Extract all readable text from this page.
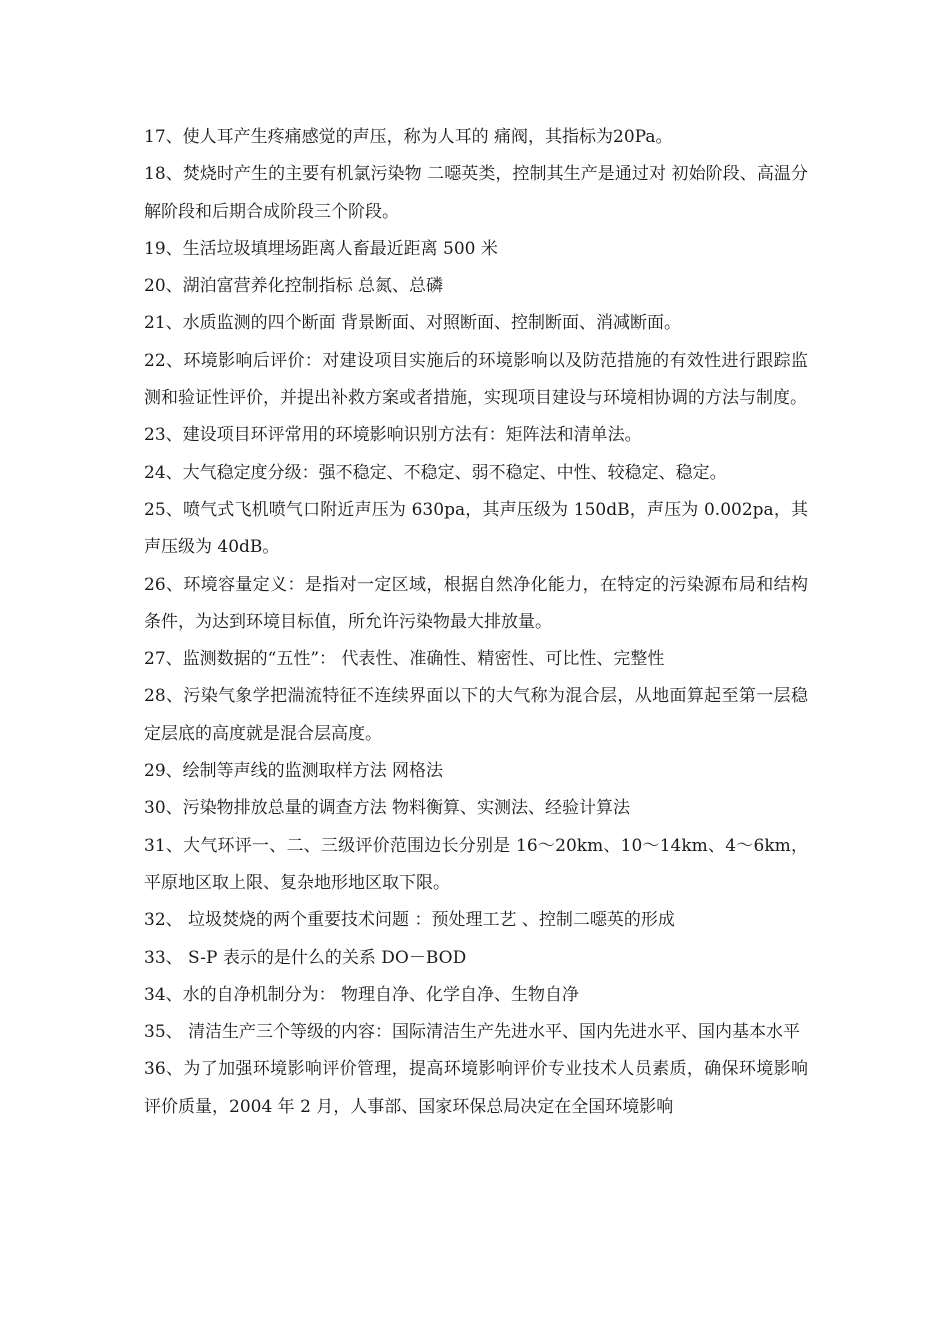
17、使人耳产生疼痛感觉的声压，称为人耳的 痛阀，其指标为20Pa。

18、焚烧时产生的主要有机氯污染物 二噁英类，控制其生产是通过对 初始阶段、高温分解阶段和后期合成阶段三个阶段。

19、生活垃圾填埋场距离人畜最近距离 500 米

20、湖泊富营养化控制指标 总氮、总磷

21、水质监测的四个断面 背景断面、对照断面、控制断面、消减断面。

22、环境影响后评价：对建设项目实施后的环境影响以及防范措施的有效性进行跟踪监测和验证性评价，并提出补救方案或者措施，实现项目建设与环境相协调的方法与制度。

23、建设项目环评常用的环境影响识别方法有：矩阵法和清单法。

24、大气稳定度分级：强不稳定、不稳定、弱不稳定、中性、较稳定、稳定。

25、喷气式飞机喷气口附近声压为 630pa，其声压级为 150dB，声压为 0.002pa，其声压级为 40dB。

26、环境容量定义：是指对一定区域，根据自然净化能力，在特定的污染源布局和结构条件，为达到环境目标值，所允许污染物最大排放量。

27、监测数据的“五性”： 代表性、准确性、精密性、可比性、完整性

28、污染气象学把湍流特征不连续界面以下的大气称为混合层，从地面算起至第一层稳定层底的高度就是混合层高度。

29、绘制等声线的监测取样方法 网格法

30、污染物排放总量的调查方法 物料衡算、实测法、经验计算法

31、大气环评一、二、三级评价范围边长分别是 16～20km、10～14km、4～6km，平原地区取上限、复杂地形地区取下限。

32、 垃圾焚烧的两个重要技术问题 ：预处理工艺 、控制二噁英的形成

33、 S-P 表示的是什么的关系 DO－BOD

34、水的自净机制分为： 物理自净、化学自净、生物自净

35、 清洁生产三个等级的内容：国际清洁生产先进水平、国内先进水平、国内基本水平

36、为了加强环境影响评价管理，提高环境影响评价专业技术人员素质，确保环境影响评价质量，2004 年 2 月，人事部、国家环保总局决定在全国环境影响
